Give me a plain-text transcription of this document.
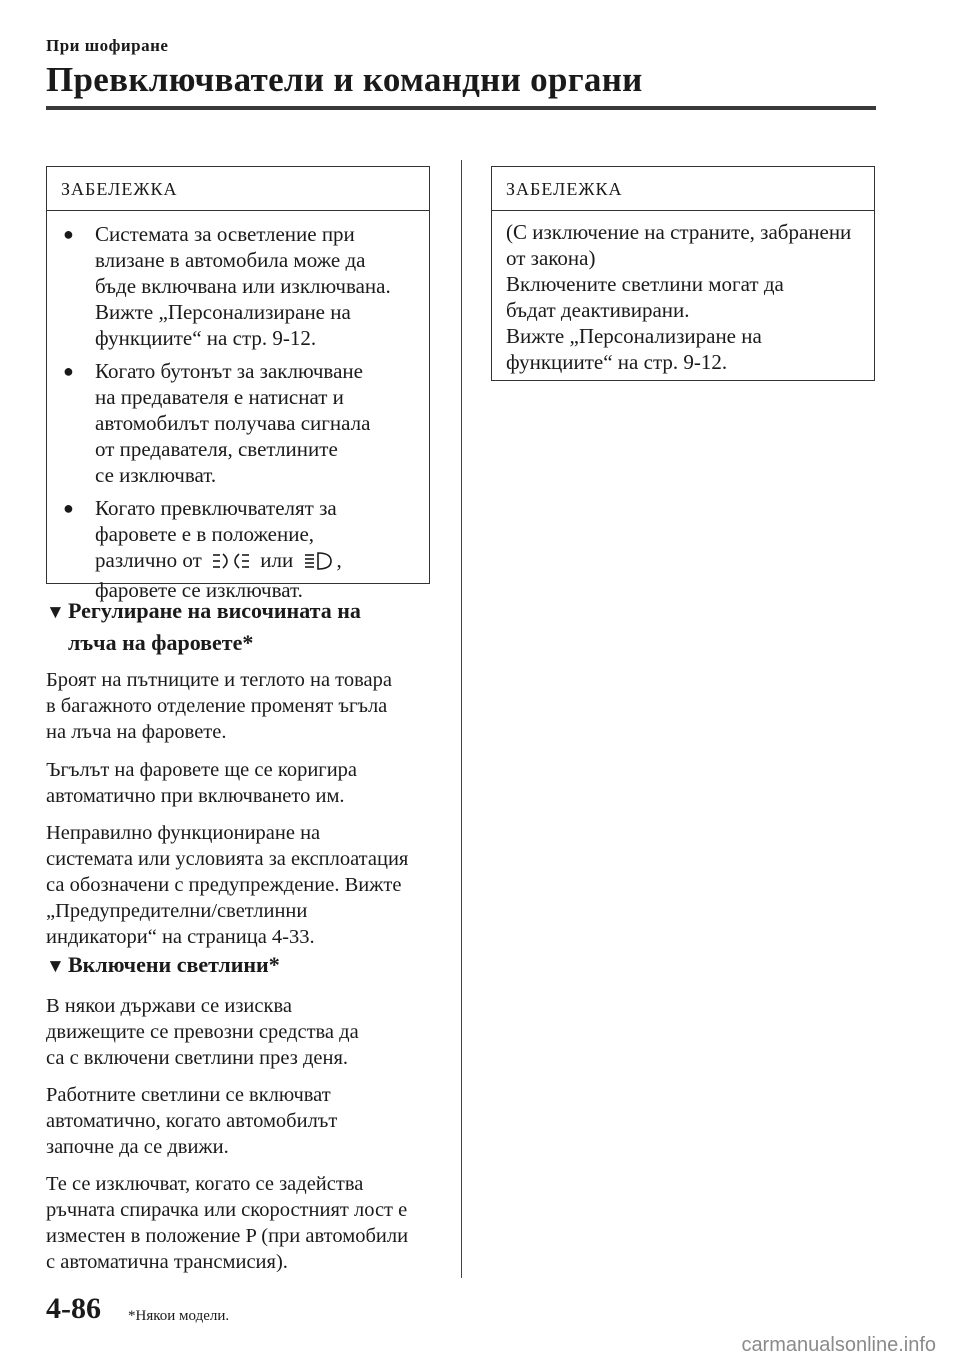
При шофиране
Превключватели и командни органи
ЗАБЕЛЕЖКА
●	Системата за осветление при
влизане в автомобила може да
бъде включвана или изключвана.
Вижте „Персонализиране на
функциите“ на стр. 9-12.
●	Когато бутонът за заключване
на предавателя е натиснат и
автомобилът получава сигнала
от предавателя, светлините
се изключват.
●	Когато превключвателят за
фаровете е в положение,
различно от	или ,
фаровете се изключват.
ЗАБЕЛЕЖКА
(С изключение на страните, забранени
от закона)
Включените светлини могат да
бъдат деактивирани.
Вижте „Персонализиране на
функциите“ на стр. 9-12.
▼ Регулиране на височината на
лъча на фаровете*
Броят на пътниците и теглото на товара
в багажното отделение променят ъгъла
на лъча на фаровете.
Ъгълът на фаровете ще се коригира
автоматично при включването им.
Неправилно функциониране на
системата или условията за експлоатация
са обозначени с предупреждение. Вижте
„Предупредителни/светлинни
индикатори“ на страница 4-33.
▼ Включени светлини*
В някои държави се изисква
движещите се превозни средства да
са с включени светлини през деня.
Работните светлини се включват
автоматично, когато автомобилът
започне да се движи.
Те се изключват, когато се задейства
ръчната спирачка или скоростният лост е
изместен в положение P (при автомобили
с автоматична трансмисия).
4-86 *Някои модели.
carmanualsonline.info
